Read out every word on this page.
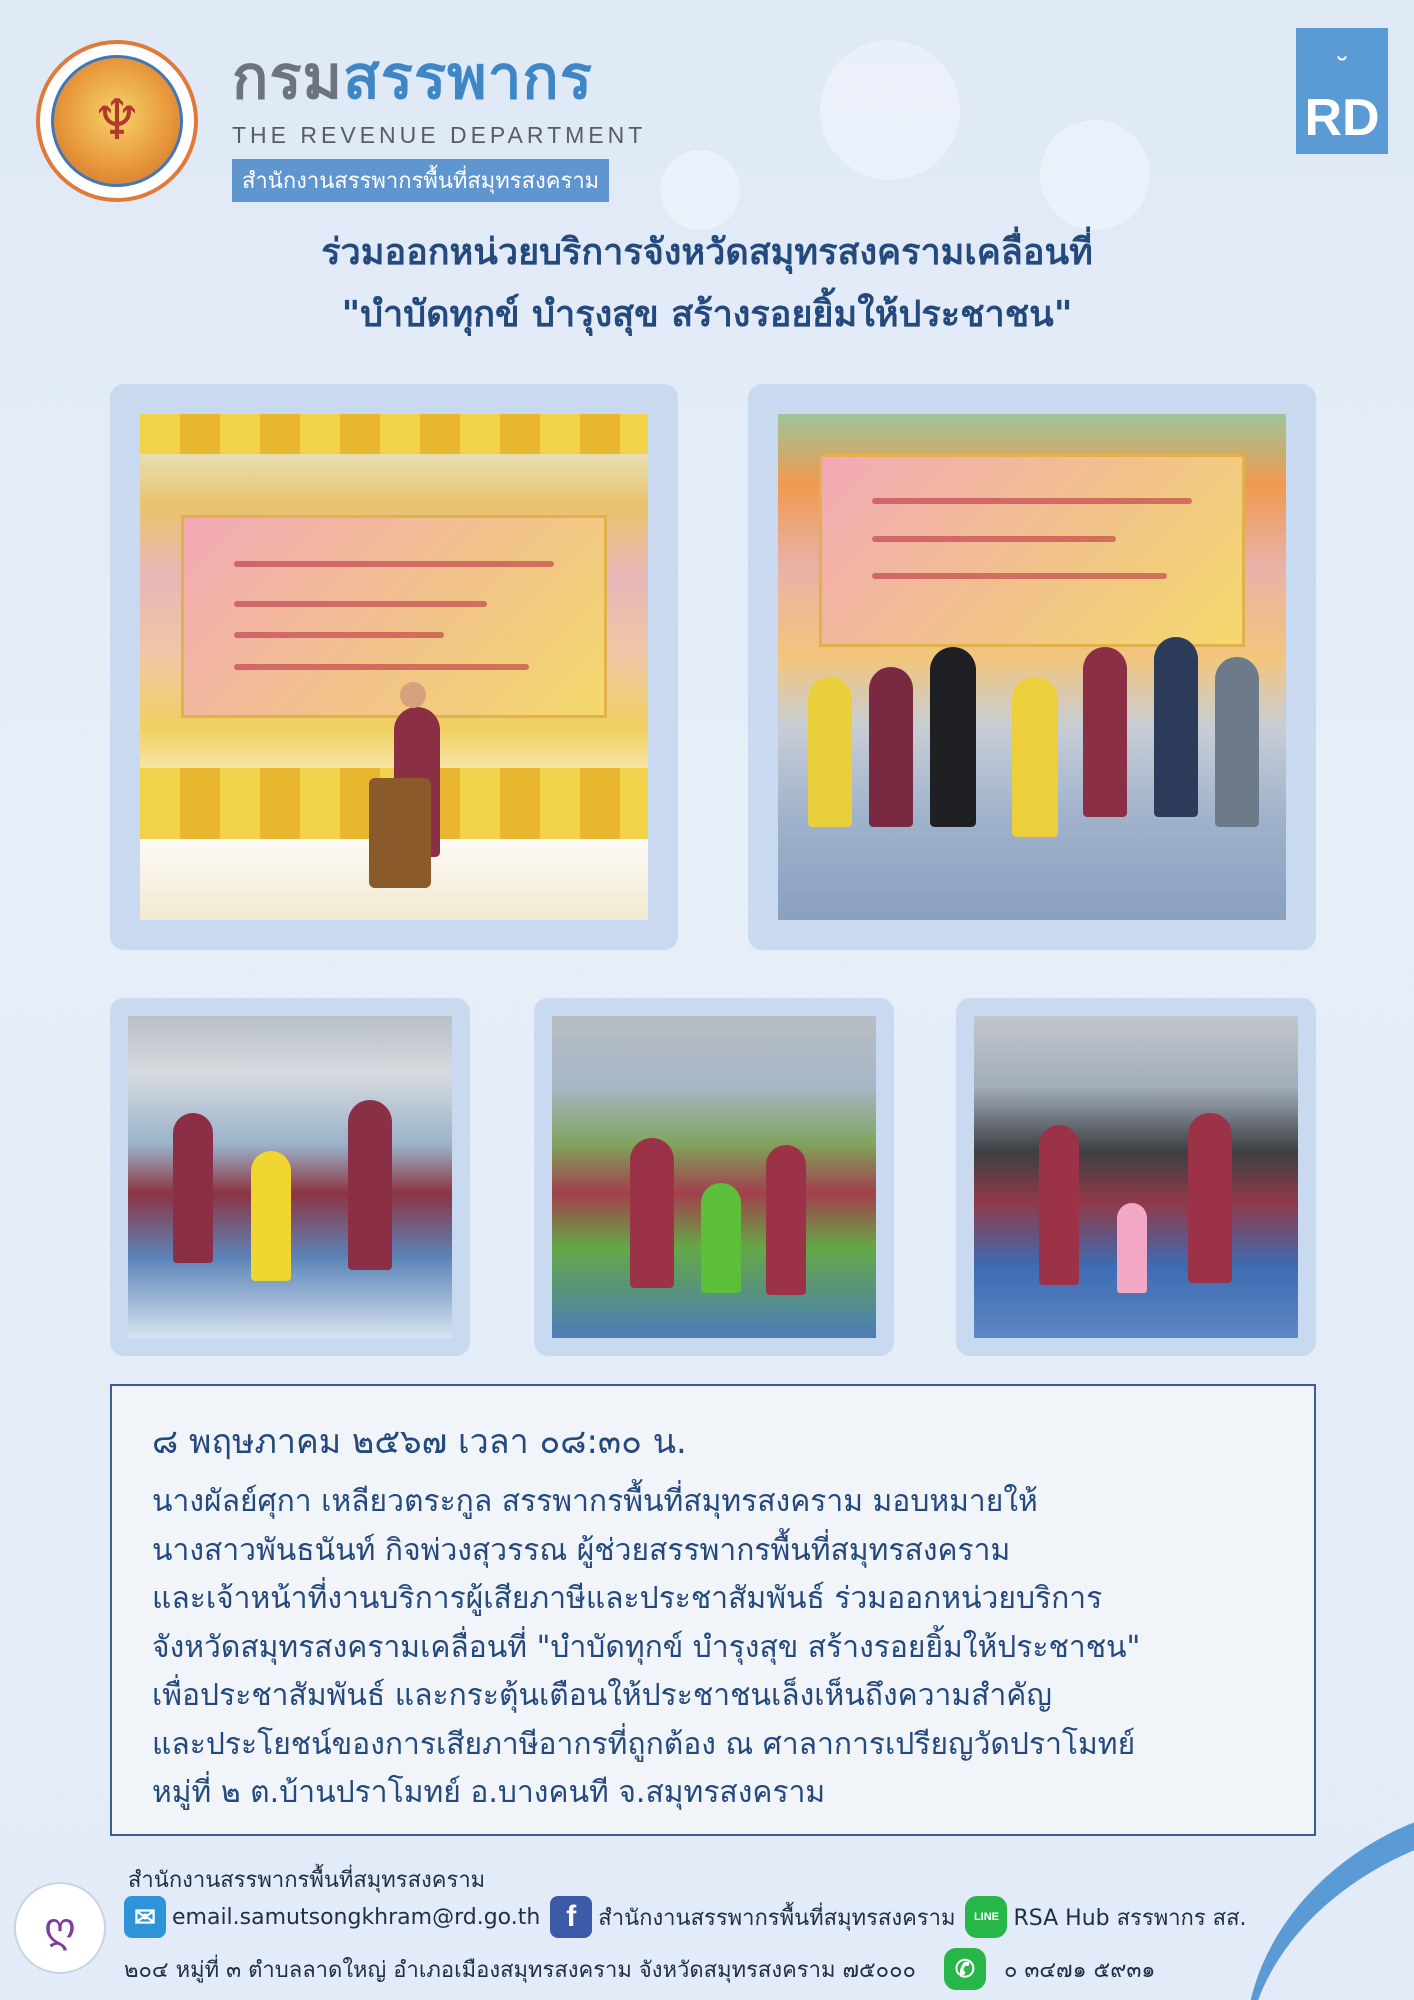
♆
กรมสรรพากร
THE REVENUE DEPARTMENT
สำนักงานสรรพากรพื้นที่สมุทรสงคราม
˘
RD
ร่วมออกหน่วยบริการจังหวัดสมุทรสงครามเคลื่อนที่
"บำบัดทุกข์ บำรุงสุข สร้างรอยยิ้มให้ประชาชน"
๘ พฤษภาคม ๒๕๖๗ เวลา ๐๘:๓๐ น.
นางผัลย์ศุกา เหลียวตระกูล สรรพากรพื้นที่สมุทรสงคราม มอบหมายให้
นางสาวพันธนันท์ กิจพ่วงสุวรรณ ผู้ช่วยสรรพากรพื้นที่สมุทรสงคราม
และเจ้าหน้าที่งานบริการผู้เสียภาษีและประชาสัมพันธ์ ร่วมออกหน่วยบริการ
จังหวัดสมุทรสงครามเคลื่อนที่ "บำบัดทุกข์ บำรุงสุข สร้างรอยยิ้มให้ประชาชน"
เพื่อประชาสัมพันธ์ และกระตุ้นเตือนให้ประชาชนเล็งเห็นถึงความสำคัญ
และประโยชน์ของการเสียภาษีอากรที่ถูกต้อง ณ ศาลาการเปรียญวัดปราโมทย์
หมู่ที่ ๒ ต.บ้านปราโมทย์ อ.บางคนที จ.สมุทรสงคราม
ღ
สำนักงานสรรพากรพื้นที่สมุทรสงคราม
✉ email.samutsongkhram@rd.go.th f	สำนักงานสรรพากรพื้นที่สมุทรสงคราม	LINE RSA Hub สรรพากร สส.
๒๐๔ หมู่ที่ ๓ ตำบลลาดใหญ่ อำเภอเมืองสมุทรสงคราม จังหวัดสมุทรสงคราม ๗๕๐๐๐	✆	๐ ๓๔๗๑ ๕๙๓๑
